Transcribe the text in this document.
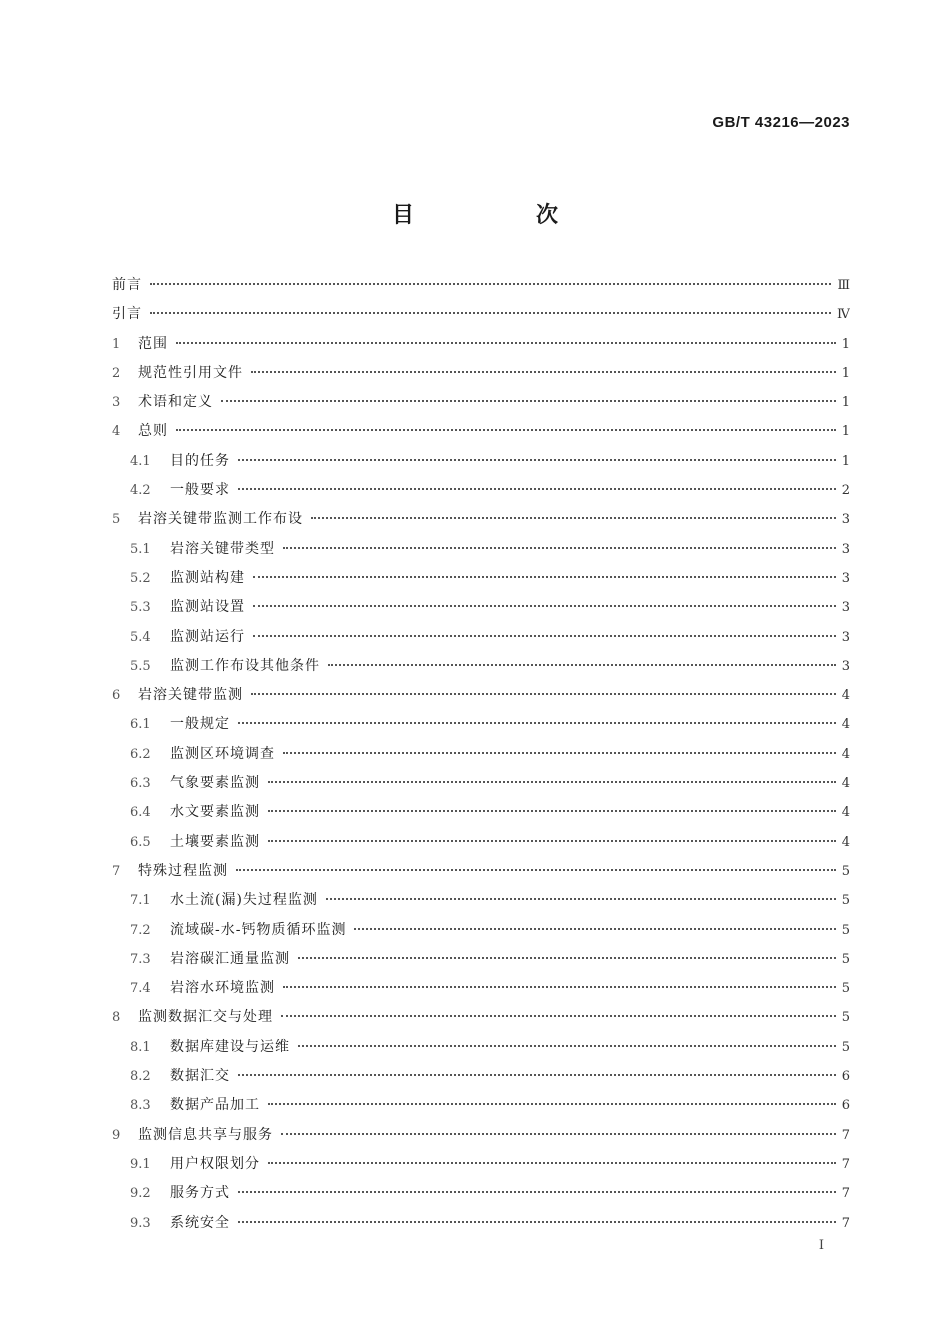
GB/T 43216—2023
目　次
前言	Ⅲ
引言	Ⅳ
1	范围	1
2	规范性引用文件	1
3	术语和定义	1
4	总则	1
4.1	目的任务	1
4.2	一般要求	2
5	岩溶关键带监测工作布设	3
5.1	岩溶关键带类型	3
5.2	监测站构建	3
5.3	监测站设置	3
5.4	监测站运行	3
5.5	监测工作布设其他条件	3
6	岩溶关键带监测	4
6.1	一般规定	4
6.2	监测区环境调查	4
6.3	气象要素监测	4
6.4	水文要素监测	4
6.5	土壤要素监测	4
7	特殊过程监测	5
7.1	水土流(漏)失过程监测	5
7.2	流域碳-水-钙物质循环监测	5
7.3	岩溶碳汇通量监测	5
7.4	岩溶水环境监测	5
8	监测数据汇交与处理	5
8.1	数据库建设与运维	5
8.2	数据汇交	6
8.3	数据产品加工	6
9	监测信息共享与服务	7
9.1	用户权限划分	7
9.2	服务方式	7
9.3	系统安全	7
Ⅰ
